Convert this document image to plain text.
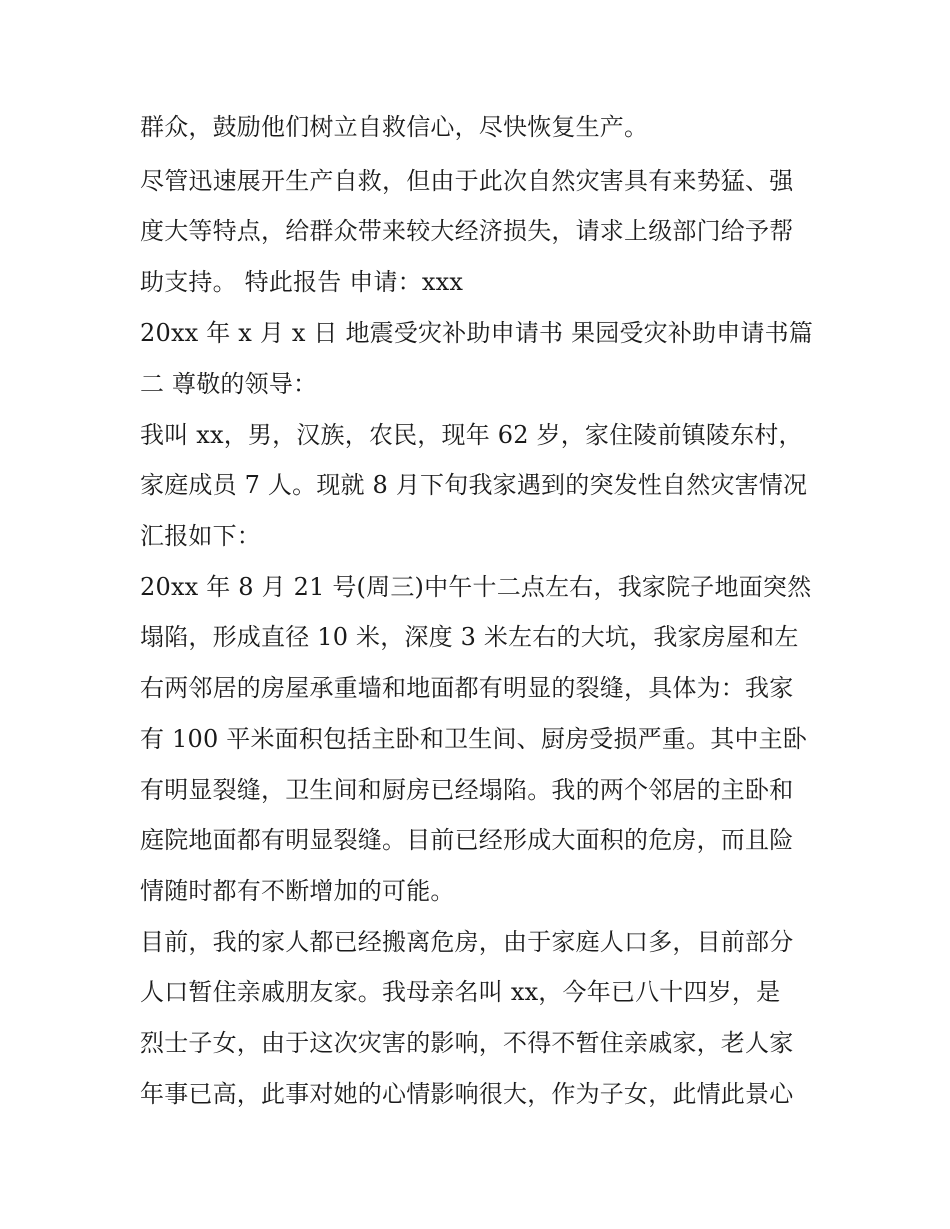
群众，鼓励他们树立自救信心，尽快恢复生产。

尽管迅速展开生产自救，但由于此次自然灾害具有来势猛、强

度大等特点，给群众带来较大经济损失，请求上级部门给予帮

助支持。 特此报告 申请：xxx

20xx 年 x 月 x 日 地震受灾补助申请书 果园受灾补助申请书篇

二 尊敬的领导：

我叫 xx，男，汉族，农民，现年 62 岁，家住陵前镇陵东村，

家庭成员 7 人。现就 8 月下旬我家遇到的突发性自然灾害情况

汇报如下：

20xx 年 8 月 21 号(周三)中午十二点左右，我家院子地面突然

塌陷，形成直径 10 米，深度 3 米左右的大坑，我家房屋和左

右两邻居的房屋承重墙和地面都有明显的裂缝，具体为：我家

有 100 平米面积包括主卧和卫生间、厨房受损严重。其中主卧

有明显裂缝，卫生间和厨房已经塌陷。我的两个邻居的主卧和

庭院地面都有明显裂缝。目前已经形成大面积的危房，而且险

情随时都有不断增加的可能。

目前，我的家人都已经搬离危房，由于家庭人口多，目前部分

人口暂住亲戚朋友家。我母亲名叫 xx，今年已八十四岁，是

烈士子女，由于这次灾害的影响，不得不暂住亲戚家，老人家

年事已高，此事对她的心情影响很大，作为子女，此情此景心
